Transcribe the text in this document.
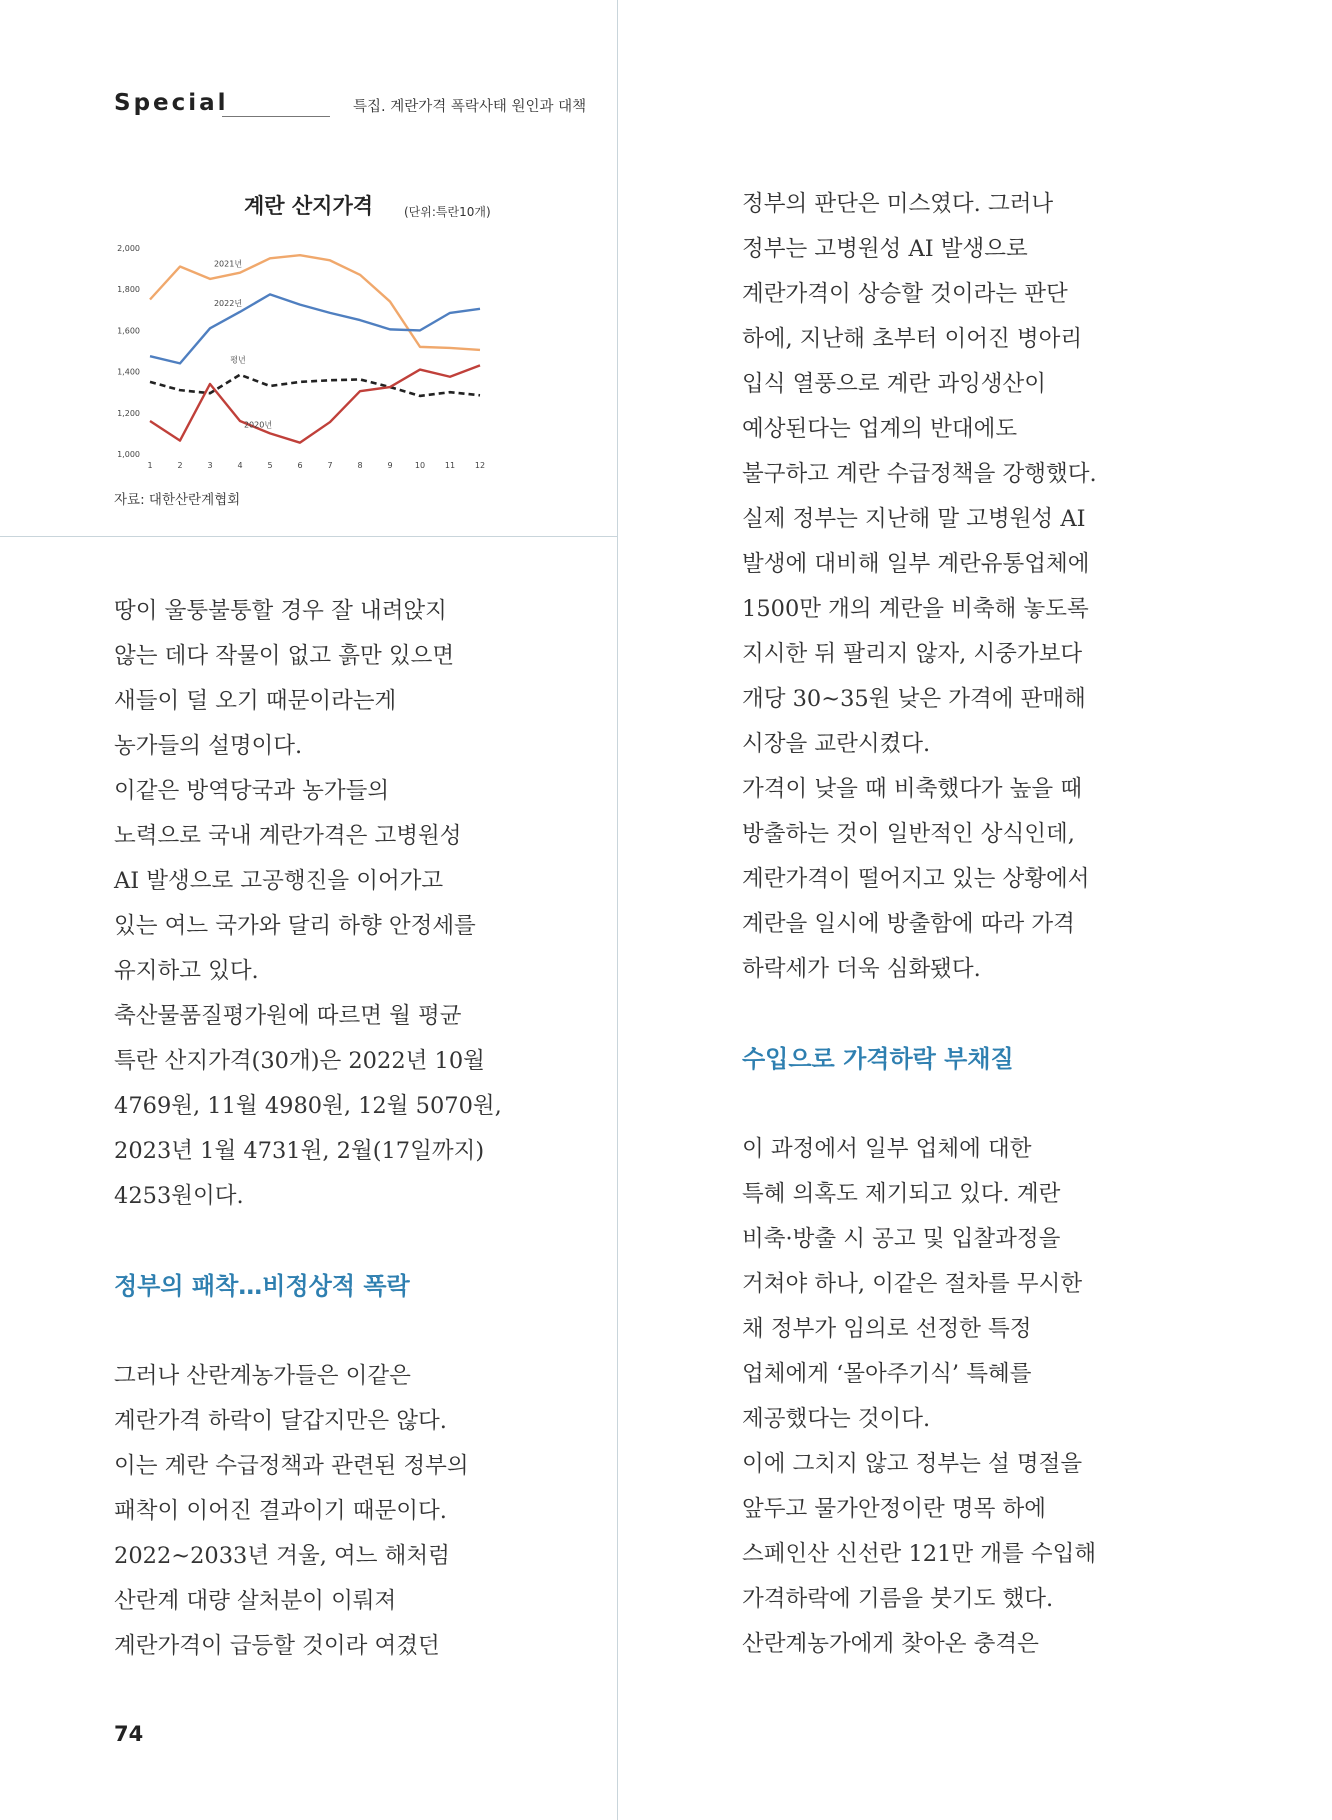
Special	특집. 계란가격 폭락사태 원인과 대책
계란 산지가격	(단위:특란10개)
1,000
1,200
1,400
1,600
1,800
2,000
1	2	3	4	5	6	7	8	9	10 11 12
2021년
2022년
평년
2020년
자료: 대한산란계협회
땅이 울퉁불퉁할 경우 잘 내려앉지
않는 데다 작물이 없고 흙만 있으면
새들이 덜 오기 때문이라는게
농가들의 설명이다.
이같은 방역당국과 농가들의
노력으로 국내 계란가격은 고병원성
AI 발생으로 고공행진을 이어가고
있는 여느 국가와 달리 하향 안정세를
유지하고 있다.
축산물품질평가원에 따르면 월 평균
특란 산지가격(30개)은 2022년 10월
4769원, 11월 4980원, 12월 5070원,
2023년 1월 4731원, 2월(17일까지)
4253원이다.
정부의 패착…비정상적 폭락
그러나 산란계농가들은 이같은
계란가격 하락이 달갑지만은 않다.
이는 계란 수급정책과 관련된 정부의
패착이 이어진 결과이기 때문이다.
2022~2033년 겨울, 여느 해처럼
산란계 대량 살처분이 이뤄져
계란가격이 급등할 것이라 여겼던
정부의 판단은 미스였다. 그러나
정부는 고병원성 AI 발생으로
계란가격이 상승할 것이라는 판단
하에, 지난해 초부터 이어진 병아리
입식 열풍으로 계란 과잉생산이
예상된다는 업계의 반대에도
불구하고 계란 수급정책을 강행했다.
실제 정부는 지난해 말 고병원성 AI
발생에 대비해 일부 계란유통업체에
1500만 개의 계란을 비축해 놓도록
지시한 뒤 팔리지 않자, 시중가보다
개당 30~35원 낮은 가격에 판매해
시장을 교란시켰다.
가격이 낮을 때 비축했다가 높을 때
방출하는 것이 일반적인 상식인데,
계란가격이 떨어지고 있는 상황에서
계란을 일시에 방출함에 따라 가격
하락세가 더욱 심화됐다.
수입으로 가격하락 부채질
이 과정에서 일부 업체에 대한
특혜 의혹도 제기되고 있다. 계란
비축·방출 시 공고 및 입찰과정을
거쳐야 하나, 이같은 절차를 무시한
채 정부가 임의로 선정한 특정
업체에게 ‘몰아주기식’ 특혜를
제공했다는 것이다.
이에 그치지 않고 정부는 설 명절을
앞두고 물가안정이란 명목 하에
스페인산 신선란 121만 개를 수입해
가격하락에 기름을 붓기도 했다.
산란계농가에게 찾아온 충격은
74
